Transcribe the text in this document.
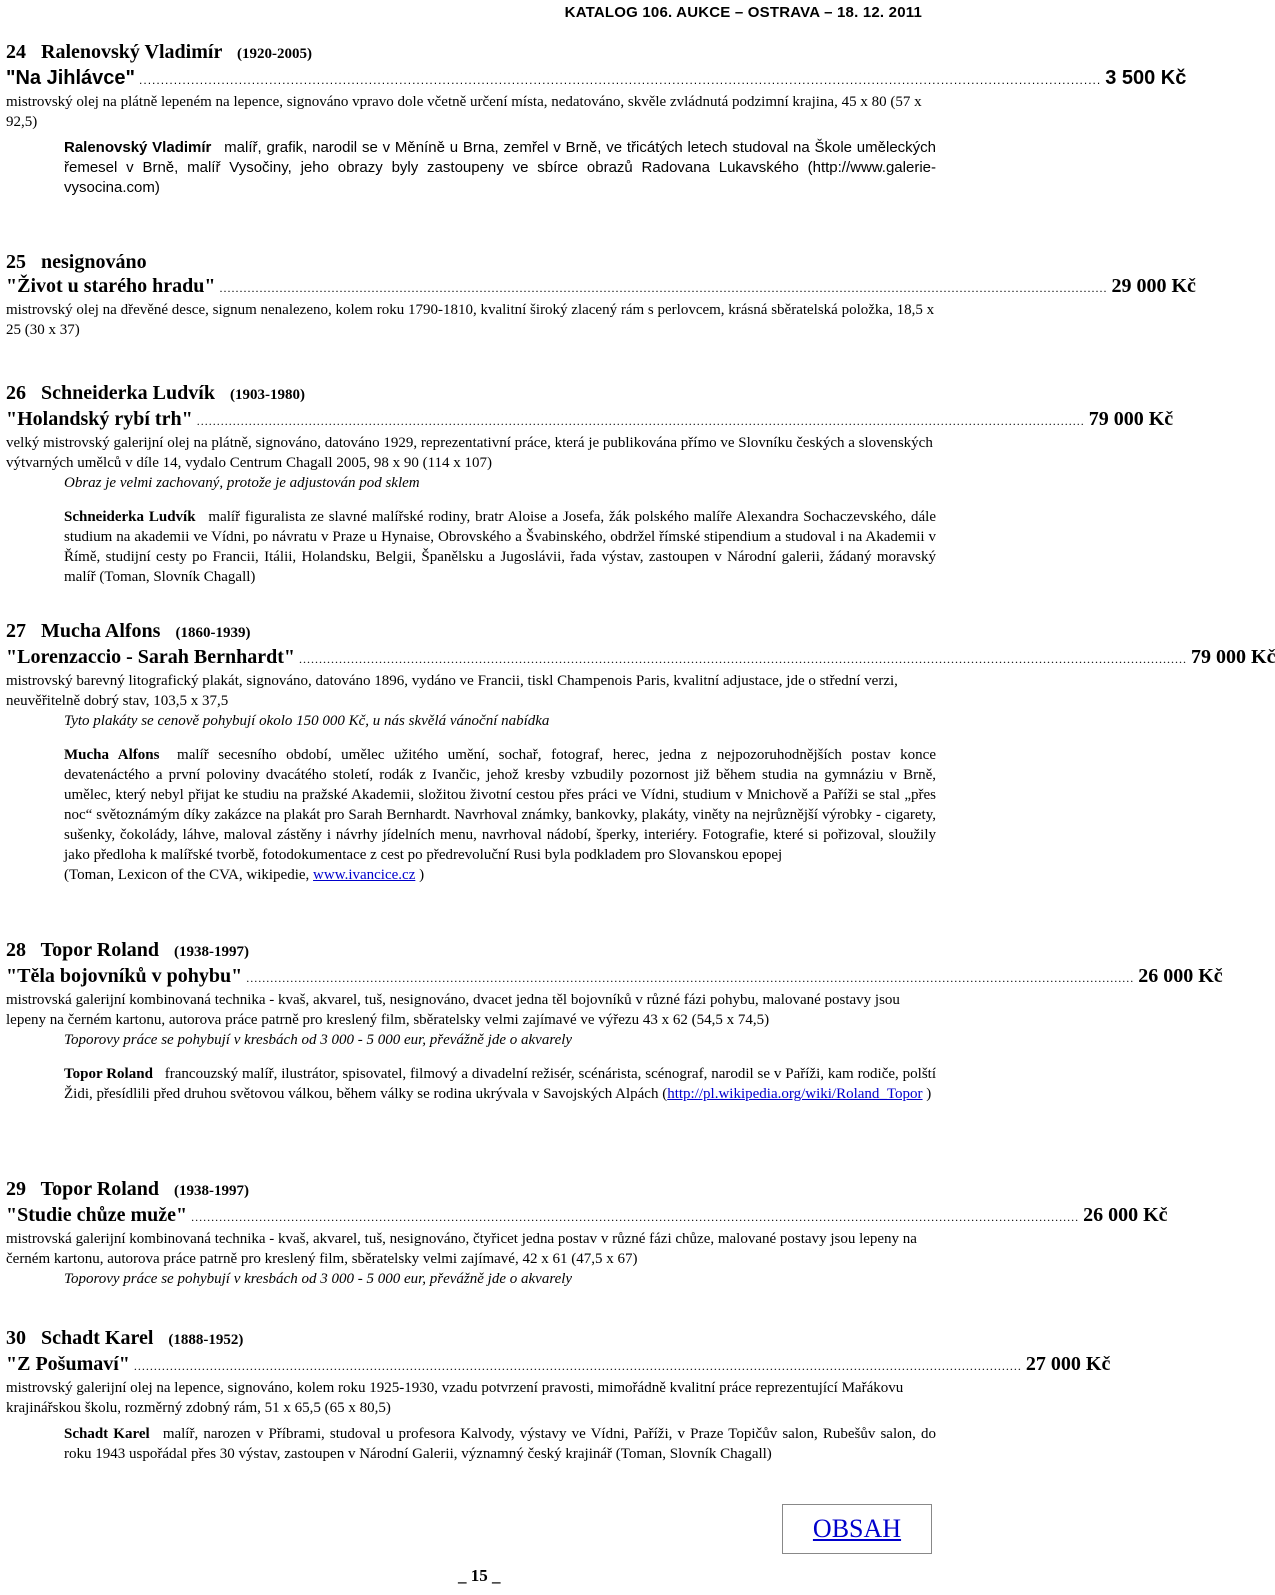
KATALOG 106. AUKCE – OSTRAVA – 18. 12. 2011
24 Ralenovský Vladimír (1920-2005)
"Na Jihlávce" .............................................................................................................................................................................................................................. 3 500 Kč
mistrovský olej na plátně lepeném na lepence, signováno vpravo dole včetně určení místa, nedatováno, skvěle zvládnutá podzimní krajina, 45 x 80 (57 x 92,5)
Ralenovský Vladimír malíř, grafik, narodil se v Měníně u Brna, zemřel v Brně, ve třicátých letech studoval na Škole uměleckých řemesel v Brně, malíř Vysočiny, jeho obrazy byly zastoupeny ve sbírce obrazů Radovana Lukavského (http://www.galerie-vysocina.com)
25 nesignováno
"Život u starého hradu" .............................................................................................................................................................................................................................. 29 000 Kč
mistrovský olej na dřevěné desce, signum nenalezeno, kolem roku 1790-1810, kvalitní široký zlacený rám s perlovcem, krásná sběratelská položka, 18,5 x 25 (30 x 37)
26 Schneiderka Ludvík (1903-1980)
"Holandský rybí trh" .............................................................................................................................................................................................................................. 79 000 Kč
velký mistrovský galerijní olej na plátně, signováno, datováno 1929, reprezentativní práce, která je publikována přímo ve Slovníku českých a slovenských výtvarných umělců v díle 14, vydalo Centrum Chagall 2005, 98 x 90 (114 x 107)
Obraz je velmi zachovaný, protože je adjustován pod sklem
Schneiderka Ludvík malíř figuralista ze slavné malířské rodiny, bratr Aloise a Josefa, žák polského malíře Alexandra Sochaczevského, dále studium na akademii ve Vídni, po návratu v Praze u Hynaise, Obrovského a Švabinského, obdržel římské stipendium a studoval i na Akademii v Římě, studijní cesty po Francii, Itálii, Holandsku, Belgii, Španělsku a Jugoslávii, řada výstav, zastoupen v Národní galerii, žádaný moravský malíř (Toman, Slovník Chagall)
27 Mucha Alfons (1860-1939)
"Lorenzaccio - Sarah Bernhardt" .............................................................................................................................................................................................................................. 79 000 Kč
mistrovský barevný litografický plakát, signováno, datováno 1896, vydáno ve Francii, tiskl Champenois Paris, kvalitní adjustace, jde o střední verzi, neuvěřitelně dobrý stav, 103,5 x 37,5
Tyto plakáty se cenově pohybují okolo 150 000 Kč, u nás skvělá vánoční nabídka
Mucha Alfons malíř secesního období, umělec užitého umění, sochař, fotograf, herec, jedna z nejpozoruhodnějších postav konce devatenáctého a první poloviny dvacátého století, rodák z Ivančic, jehož kresby vzbudily pozornost již během studia na gymnáziu v Brně, umělec, který nebyl přijat ke studiu na pražské Akademii, složitou životní cestou přes práci ve Vídni, studium v Mnichově a Paříži se stal „přes noc“ světoznámým díky zakázce na plakát pro Sarah Bernhardt. Navrhoval známky, bankovky, plakáty, viněty na nejrůznější výrobky - cigarety, sušenky, čokolády, láhve, maloval zástěny i návrhy jídelních menu, navrhoval nádobí, šperky, interiéry. Fotografie, které si pořizoval, sloužily jako předloha k malířské tvorbě, fotodokumentace z cest po předrevoluční Rusi byla podkladem pro Slovanskou epopej
(Toman, Lexicon of the CVA, wikipedie, www.ivancice.cz )
28 Topor Roland (1938-1997)
"Těla bojovníků v pohybu" .............................................................................................................................................................................................................................. 26 000 Kč
mistrovská galerijní kombinovaná technika - kvaš, akvarel, tuš, nesignováno, dvacet jedna těl bojovníků v různé fázi pohybu, malované postavy jsou lepeny na černém kartonu, autorova práce patrně pro kreslený film, sběratelsky velmi zajímavé ve výřezu 43 x 62 (54,5 x 74,5)
Toporovy práce se pohybují v kresbách od 3 000 - 5 000 eur, převážně jde o akvarely
Topor Roland francouzský malíř, ilustrátor, spisovatel, filmový a divadelní režisér, scénárista, scénograf, narodil se v Paříži, kam rodiče, polští Židi, přesídlili před druhou světovou válkou, během války se rodina ukrývala v Savojských Alpách (http://pl.wikipedia.org/wiki/Roland_Topor )
29 Topor Roland (1938-1997)
"Studie chůze muže" .............................................................................................................................................................................................................................. 26 000 Kč
mistrovská galerijní kombinovaná technika - kvaš, akvarel, tuš, nesignováno, čtyřicet jedna postav v různé fázi chůze, malované postavy jsou lepeny na černém kartonu, autorova práce patrně pro kreslený film, sběratelsky velmi zajímavé, 42 x 61 (47,5 x 67)
Toporovy práce se pohybují v kresbách od 3 000 - 5 000 eur, převážně jde o akvarely
30 Schadt Karel (1888-1952)
"Z Pošumaví" .............................................................................................................................................................................................................................. 27 000 Kč
mistrovský galerijní olej na lepence, signováno, kolem roku 1925-1930, vzadu potvrzení pravosti, mimořádně kvalitní práce reprezentující Mařákovu krajinářskou školu, rozměrný zdobný rám, 51 x 65,5 (65 x 80,5)
Schadt Karel malíř, narozen v Příbrami, studoval u profesora Kalvody, výstavy ve Vídni, Paříži, v Praze Topičův salon, Rubešův salon, do roku 1943 uspořádal přes 30 výstav, zastoupen v Národní Galerii, významný český krajinář (Toman, Slovník Chagall)
OBSAH
_ 15 _
